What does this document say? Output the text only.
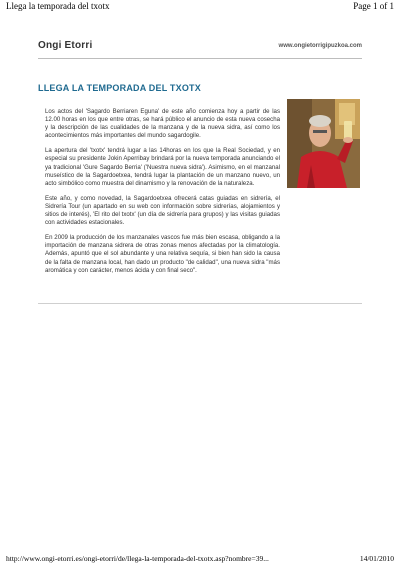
Llega la temporada del txotx	Page 1 of 1
Ongi Etorri	www.ongietorrigipuzkoa.com
LLEGA LA TEMPORADA DEL TXOTX

Los actos del 'Sagardo Berriaren Eguna' de este año comienza hoy a partir de las 12.00 horas en los que entre otras, se hará público el anuncio de esta nueva cosecha y la descripción de las cualidades de la manzana y de la nueva sidra, así como los acontecimientos más importantes del mundo sagardogile.

La apertura del 'txotx' tendrá lugar a las 14horas en los que la Real Sociedad, y en especial su presidente Jokin Aperribay brindará por la nueva temporada anunciando el ya tradicional 'Gure Sagardo Berria' ('Nuestra nueva sidra'). Asimismo, en el manzanal museístico de la Sagardoetxea, tendrá lugar la plantación de un manzano nuevo, un acto simbólico como muestra del dinamismo y la renovación de la naturaleza.

Este año, y como novedad, la Sagardoetxea ofrecerá catas guiadas en sidrería, el Sidrería Tour (un apartado en su web con información sobre sidrerías, alojamientos y sitios de interés), 'El rito del txotx' (un día de sidrería para grupos) y las visitas guiadas con actividades estacionales.

En 2009 la producción de los manzanales vascos fue más bien escasa, obligando a la importación de manzana sidrera de otras zonas menos afectadas por la climatología. Además, apuntó que el sol abundante y una relativa sequía, si bien han sido la causa de la falta de manzana local, han dado un producto "de calidad", una nueva sidra "más aromática y con carácter, menos ácida y con final seco".

http://www.ongi-etorri.es/ongi-etorri/de/llega-la-temporada-del-txotx.asp?nombre=39...	14/01/2010
